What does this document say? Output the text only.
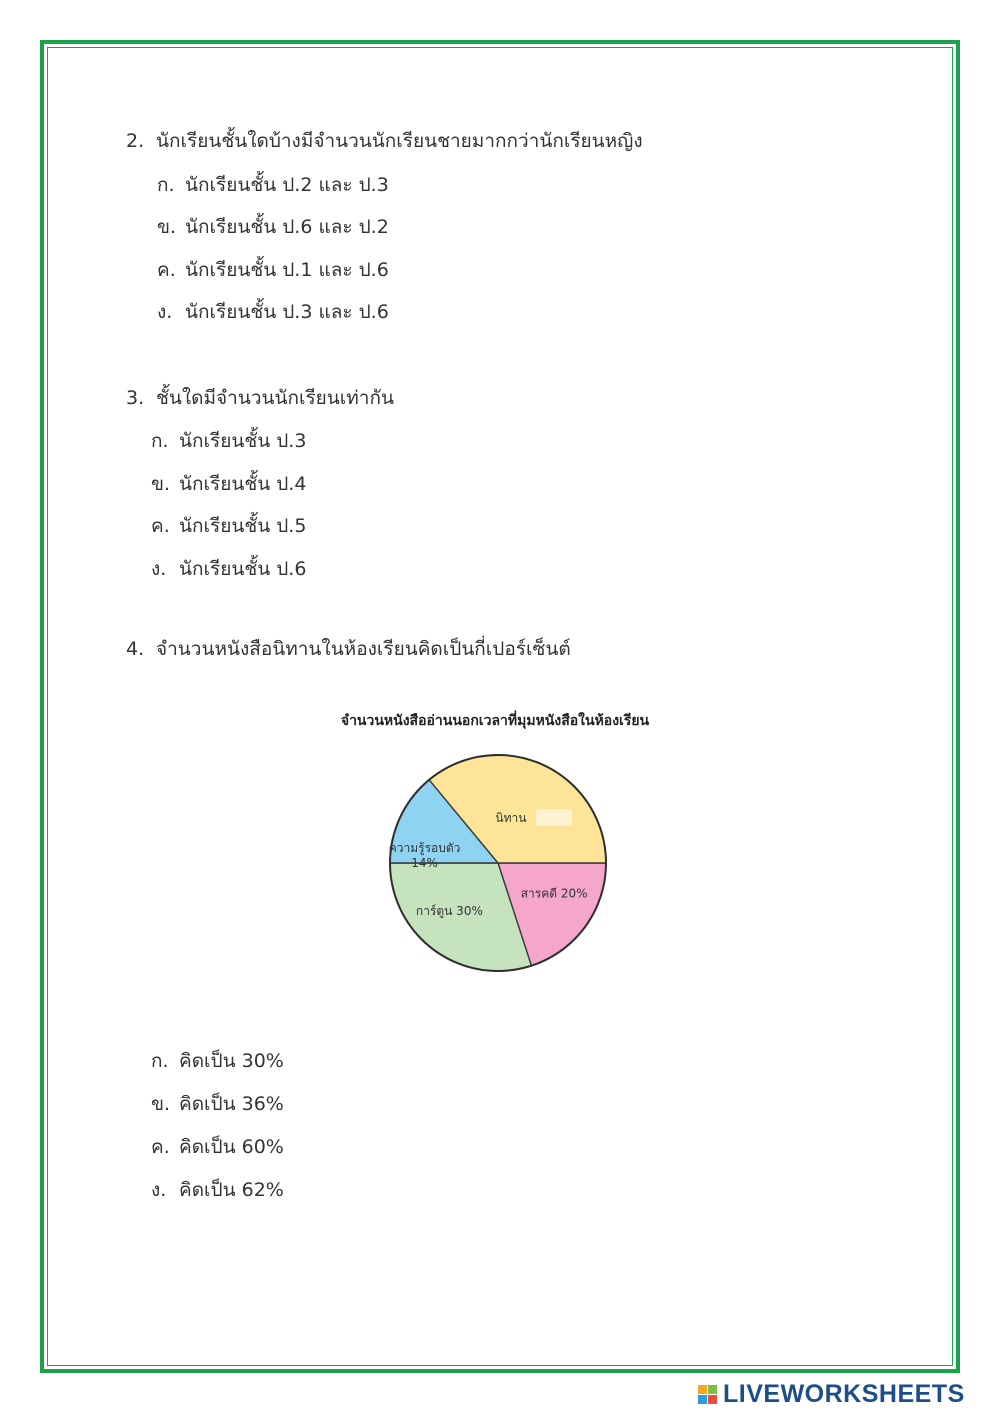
2. นักเรียนชั้นใดบ้างมีจำนวนนักเรียนชายมากกว่านักเรียนหญิง
ก. นักเรียนชั้น ป.2 และ ป.3
ข. นักเรียนชั้น ป.6 และ ป.2
ค. นักเรียนชั้น ป.1 และ ป.6
ง. นักเรียนชั้น ป.3 และ ป.6
3. ชั้นใดมีจำนวนนักเรียนเท่ากัน
ก. นักเรียนชั้น ป.3
ข. นักเรียนชั้น ป.4
ค. นักเรียนชั้น ป.5
ง. นักเรียนชั้น ป.6
4. จำนวนหนังสือนิทานในห้องเรียนคิดเป็นกี่เปอร์เซ็นต์
จำนวนหนังสืออ่านนอกเวลาที่มุมหนังสือในห้องเรียน
นิทาน
สารคดี 20%
การ์ตูน 30%
ความรู้รอบตัว
14%
ก. คิดเป็น 30%
ข. คิดเป็น 36%
ค. คิดเป็น 60%
ง. คิดเป็น 62%
LIVEWORKSHEETS
